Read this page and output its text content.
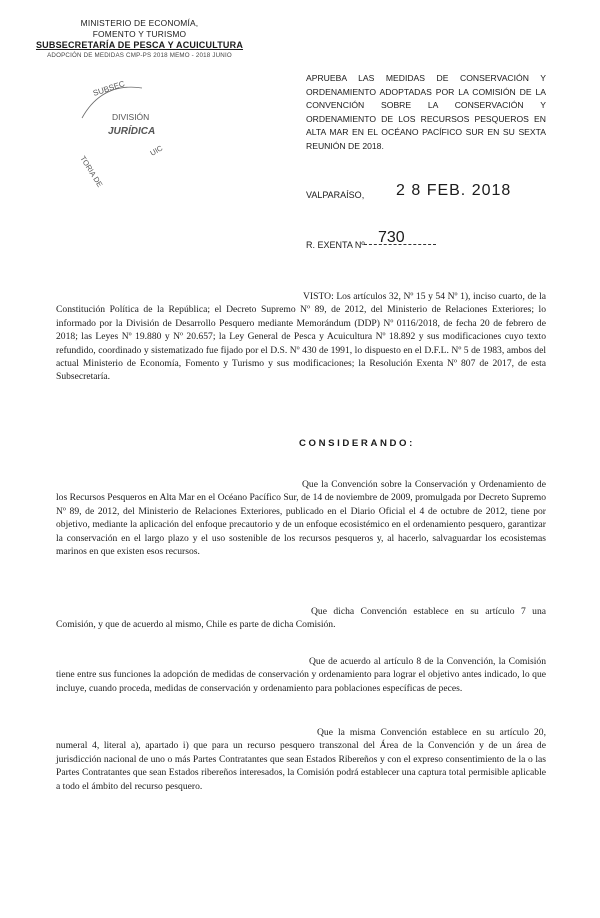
MINISTERIO DE ECONOMÍA,
FOMENTO Y TURISMO
SUBSECRETARÍA DE PESCA Y ACUICULTURA
ADOPCIÓN DE MEDIDAS CMP-PS 2018 MEMO - 2018 JUNIO
SUBSEC
DIVISIÓN
JURÍDICA
TORIA DE
UIC
APRUEBA LAS MEDIDAS DE CONSERVACIÓN Y ORDENAMIENTO ADOPTADAS POR LA COMISIÓN DE LA CONVENCIÓN SOBRE LA CONSERVACIÓN Y ORDENAMIENTO DE LOS RECURSOS PESQUEROS EN ALTA MAR EN EL OCÉANO PACÍFICO SUR EN SU SEXTA REUNIÓN DE 2018.
VALPARAÍSO, 2 8 FEB. 2018
R. EXENTA Nº 730
VISTO: Los artículos 32, Nº 15 y 54 Nº 1), inciso cuarto, de la Constitución Política de la República; el Decreto Supremo Nº 89, de 2012, del Ministerio de Relaciones Exteriores; lo informado por la División de Desarrollo Pesquero mediante Memorándum (DDP) Nº 0116/2018, de fecha 20 de febrero de 2018; las Leyes Nº 19.880 y Nº 20.657; la Ley General de Pesca y Acuicultura Nº 18.892 y sus modificaciones cuyo texto refundido, coordinado y sistematizado fue fijado por el D.S. Nº 430 de 1991, lo dispuesto en el D.F.L. Nº 5 de 1983, ambos del actual Ministerio de Economía, Fomento y Turismo y sus modificaciones; la Resolución Exenta Nº 807 de 2017, de esta Subsecretaría.
CONSIDERANDO:
Que la Convención sobre la Conservación y Ordenamiento de los Recursos Pesqueros en Alta Mar en el Océano Pacífico Sur, de 14 de noviembre de 2009, promulgada por Decreto Supremo Nº 89, de 2012, del Ministerio de Relaciones Exteriores, publicado en el Diario Oficial el 4 de octubre de 2012, tiene por objetivo, mediante la aplicación del enfoque precautorio y de un enfoque ecosistémico en el ordenamiento pesquero, garantizar la conservación en el largo plazo y el uso sostenible de los recursos pesqueros y, al hacerlo, salvaguardar los ecosistemas marinos en que existen esos recursos.
Que dicha Convención establece en su artículo 7 una Comisión, y que de acuerdo al mismo, Chile es parte de dicha Comisión.
Que de acuerdo al artículo 8 de la Convención, la Comisión tiene entre sus funciones la adopción de medidas de conservación y ordenamiento para lograr el objetivo antes indicado, lo que incluye, cuando proceda, medidas de conservación y ordenamiento para poblaciones específicas de peces.
Que la misma Convención establece en su artículo 20, numeral 4, literal a), apartado i) que para un recurso pesquero transzonal del Área de la Convención y de un área de jurisdicción nacional de uno o más Partes Contratantes que sean Estados Ribereños y con el expreso consentimiento de la o las Partes Contratantes que sean Estados ribereños interesados, la Comisión podrá establecer una captura total permisible aplicable a todo el ámbito del recurso pesquero.
